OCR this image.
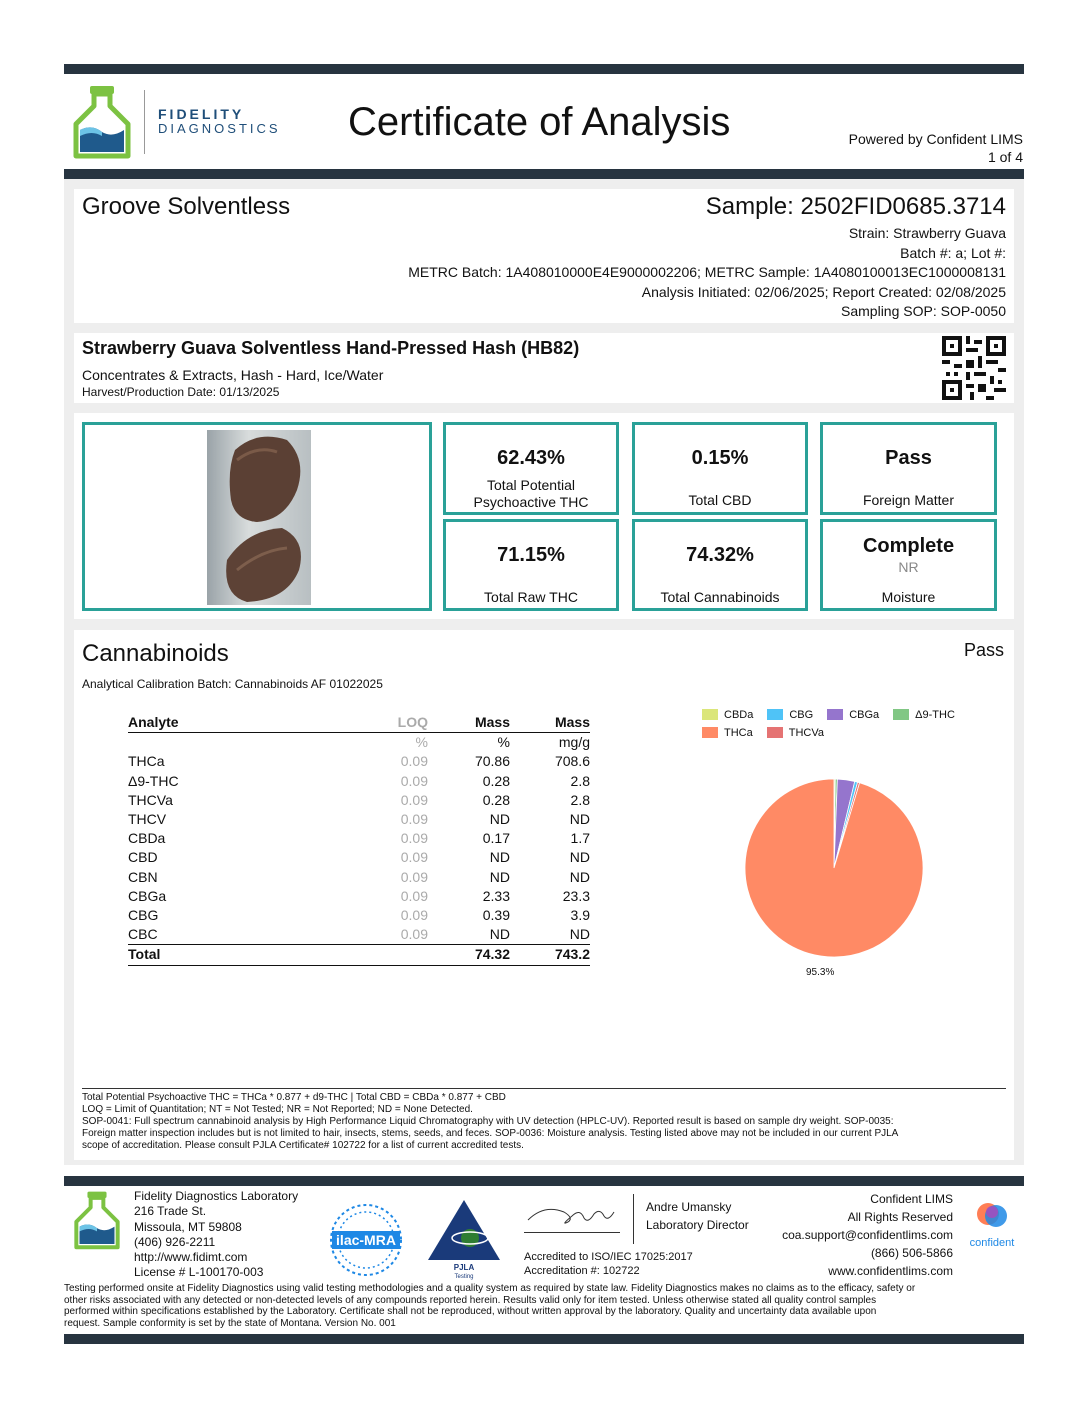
FIDELITY
DIAGNOSTICS Certificate of Analysis	Powered by Confident LIMS
1 of 4
Groove Solventless	Sample: 2502FID0685.3714
Strain: Strawberry Guava
Batch #: a; Lot #:
METRC Batch: 1A408010000E4E9000002206; METRC Sample: 1A4080100013EC1000008131
Analysis Initiated: 02/06/2025; Report Created: 02/08/2025
Sampling SOP: SOP-0050
Strawberry Guava Solventless Hand-Pressed Hash (HB82)
Concentrates & Extracts, Hash - Hard, Ice/Water
Harvest/Production Date: 01/13/2025
62.43%
Total Potential
Psychoactive THC
0.15%
Total CBD
Pass
Foreign Matter
71.15%
Total Raw THC
74.32%
Total Cannabinoids
Complete
NR
Moisture
Cannabinoids	Pass
Analytical Calibration Batch: Cannabinoids AF 01022025
Analyte	LOQ	Mass	Mass
	%	%	mg/g
THCa	0.09	70.86	708.6
Δ9-THC	0.09	0.28	2.8
THCVa	0.09	0.28	2.8
THCV	0.09	ND	ND
CBDa	0.09	0.17	1.7
CBD	0.09	ND	ND
CBN	0.09	ND	ND
CBGa	0.09	2.33	23.3
CBG	0.09	0.39	3.9
CBC	0.09	ND	ND
Total		74.32	743.2
CBDa	CBG	CBGa	Δ9-THC

THCa	THCVa
95.3%
Total Potential Psychoactive THC = THCa * 0.877 + d9-THC | Total CBD = CBDa * 0.877 + CBD
LOQ = Limit of Quantitation; NT = Not Tested; NR = Not Reported; ND = None Detected.
SOP-0041: Full spectrum cannabinoid analysis by High Performance Liquid Chromatography with UV detection (HPLC-UV). Reported result is based on sample dry weight. SOP-0035:
Foreign matter inspection includes but is not limited to hair, insects, stems, seeds, and feces. SOP-0036: Moisture analysis. Testing listed above may not be included in our current PJLA
scope of accreditation. Please consult PJLA Certificate# 102722 for a list of current accredited tests.
Fidelity Diagnostics Laboratory
216 Trade St.
Missoula, MT 59808
(406) 926-2211
http://www.fidimt.com
License # L-100170-003
ilac-MRA
PJLA
Testing
Andre Umansky
Laboratory Director
Accredited to ISO/IEC 17025:2017
Accreditation #: 102722
Confident LIMS
All Rights Reserved
coa.support@confidentlims.com
(866) 506-5866
www.confidentlims.com
confident
Testing performed onsite at Fidelity Diagnostics using valid testing methodologies and a quality system as required by state law. Fidelity Diagnostics makes no claims as to the efficacy, safety or
other risks associated with any detected or non-detected levels of any compounds reported herein. Results valid only for item tested. Unless otherwise stated all quality control samples
performed within specifications established by the Laboratory. Certificate shall not be reproduced, without written approval by the laboratory. Quality and uncertainty data available upon
request. Sample conformity is set by the state of Montana. Version No. 001
